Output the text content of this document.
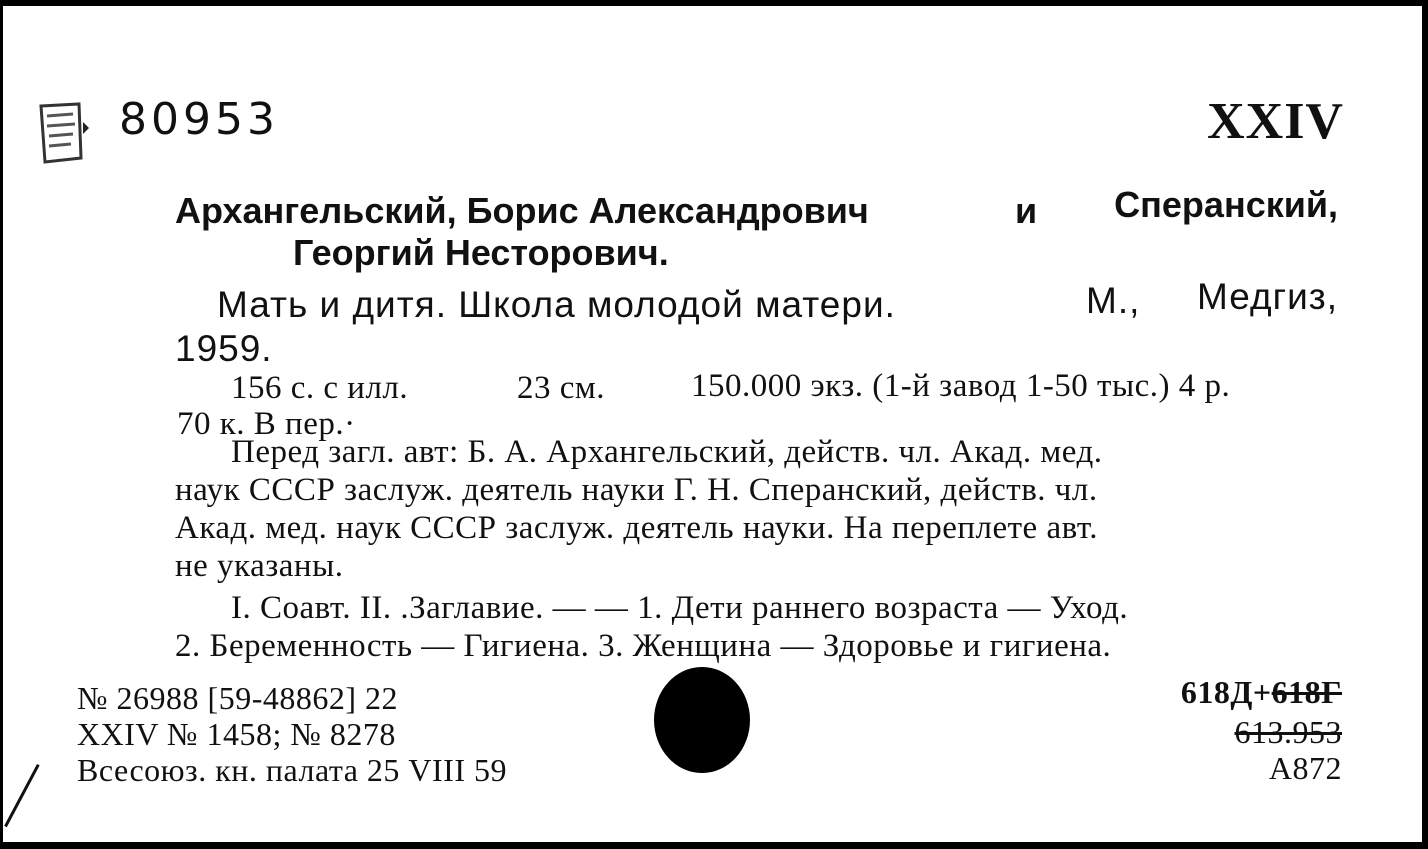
80953	XXIV
Архангельский, Борис Александрович	и Сперанский,
Георгий Несторович.
Мать и дитя. Школа молодой матери.	М., Медгиз,
1959.
156 с. с илл.	23 см.	150.000 экз. (1-й завод 1-50 тыс.) 4 р.
70 к. В пер.·
Перед загл. авт: Б. А. Архангельский, действ. чл. Акад. мед.
наук СССР заслуж. деятель науки Г. Н. Сперанский, действ. чл.
Акад. мед. наук СССР заслуж. деятель науки. На переплете авт.
не указаны.
I. Соавт. II. .Заглавие. — — 1. Дети раннего возраста — Уход.
2. Беременность — Гигиена. 3. Женщина — Здоровье и гигиена.
№ 26988 [59-48862] 22
XXIV № 1458; № 8278
Всесоюз. кн. палата 25 VIII 59
618Д+618Г
613.953
А872
